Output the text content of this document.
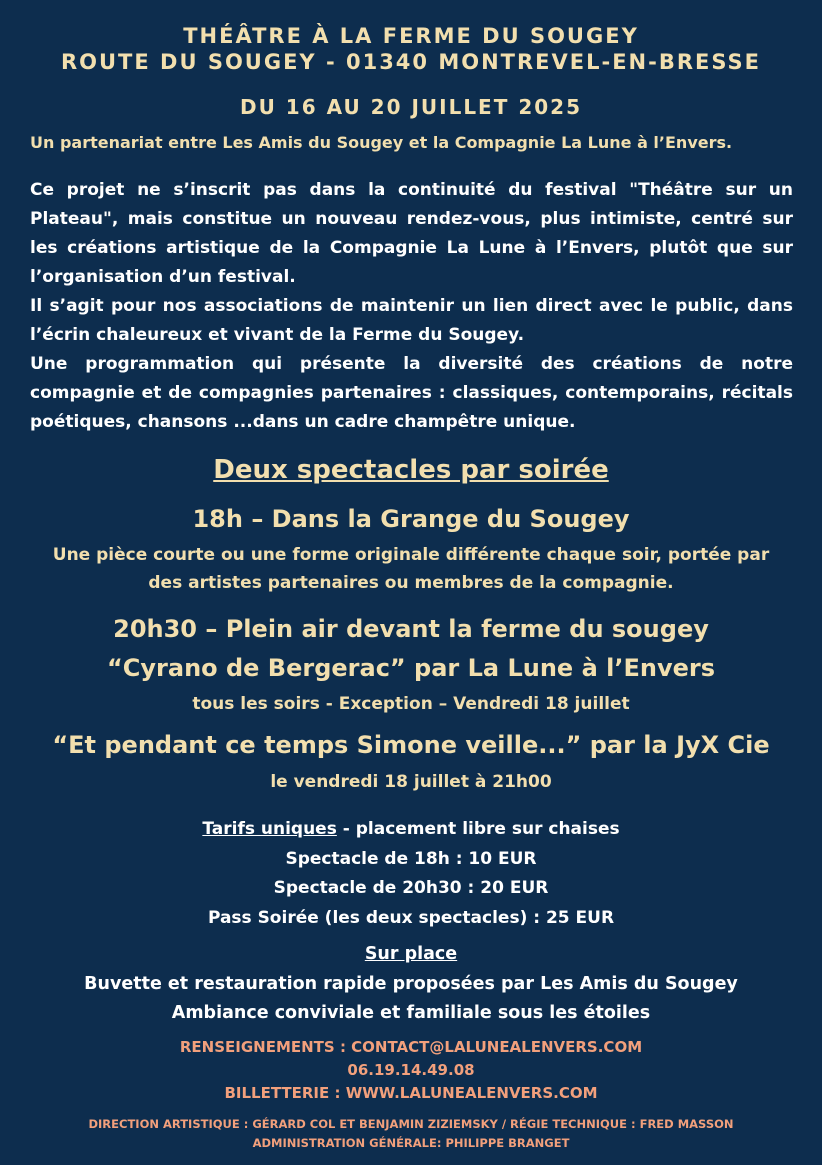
THÉÂTRE À LA FERME DU SOUGEY
ROUTE DU SOUGEY - 01340 MONTREVEL-EN-BRESSE
DU 16 AU 20 JUILLET 2025
Un partenariat entre Les Amis du Sougey et la Compagnie La Lune à l’Envers.

Ce projet ne s’inscrit pas dans la continuité du festival "Théâtre sur un Plateau", mais constitue un nouveau rendez-vous, plus intimiste, centré sur les créations artistique de la Compagnie La Lune à l’Envers, plutôt que sur l’organisation d’un festival.

Il s’agit pour nos associations de maintenir un lien direct avec le public, dans l’écrin chaleureux et vivant de la Ferme du Sougey.

Une programmation qui présente la diversité des créations de notre compagnie et de compagnies partenaires : classiques, contemporains, récitals poétiques, chansons ...dans un cadre champêtre unique.

Deux spectacles par soirée
18h – Dans la Grange du Sougey
Une pièce courte ou une forme originale différente chaque soir, portée par
des artistes partenaires ou membres de la compagnie.
20h30 – Plein air devant la ferme du sougey
“Cyrano de Bergerac” par La Lune à l’Envers
tous les soirs - Exception – Vendredi 18 juillet
“Et pendant ce temps Simone veille...” par la JyX Cie
le vendredi 18 juillet à 21h00
Tarifs uniques - placement libre sur chaises
Spectacle de 18h : 10 EUR
Spectacle de 20h30 : 20 EUR
Pass Soirée (les deux spectacles) : 25 EUR
Sur place
Buvette et restauration rapide proposées par Les Amis du Sougey
Ambiance conviviale et familiale sous les étoiles
RENSEIGNEMENTS : CONTACT@LALUNEALENVERS.COM
06.19.14.49.08
BILLETTERIE : WWW.LALUNEALENVERS.COM
DIRECTION ARTISTIQUE : GÉRARD COL ET BENJAMIN ZIZIEMSKY / RÉGIE TECHNIQUE : FRED MASSON
ADMINISTRATION GÉNÉRALE: PHILIPPE BRANGET
